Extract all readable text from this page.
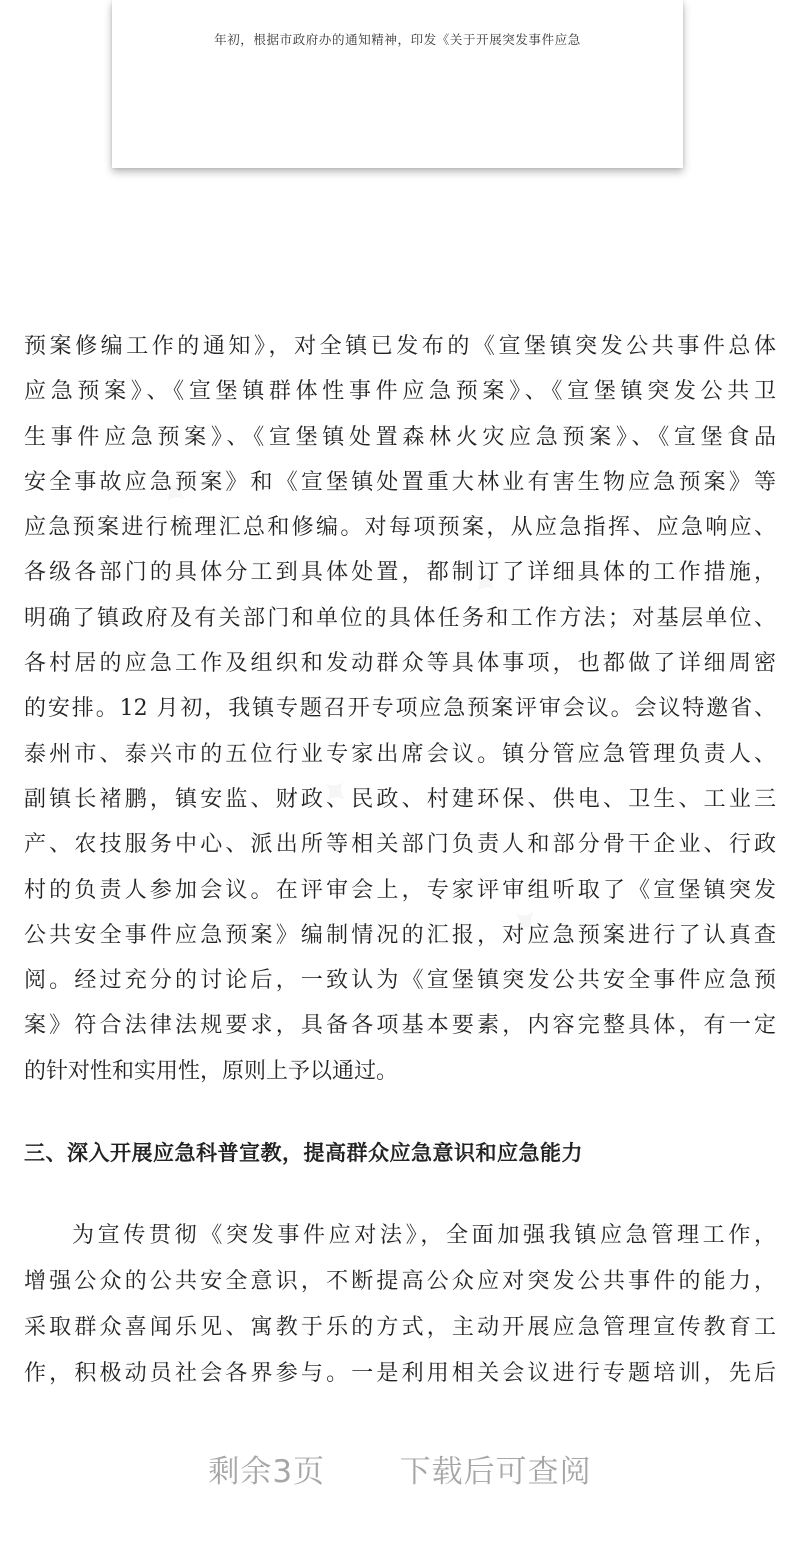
年初，根据市政府办的通知精神，印发《关于开展突发事件应急
预案修编工作的通知》，对全镇已发布的《宣堡镇突发公共事件总体
应急预案》、《宣堡镇群体性事件应急预案》、《宣堡镇突发公共卫
生事件应急预案》、《宣堡镇处置森林火灾应急预案》、《宣堡食品
安全事故应急预案》和《宣堡镇处置重大林业有害生物应急预案》等
应急预案进行梳理汇总和修编。对每项预案，从应急指挥、应急响应、
各级各部门的具体分工到具体处置，都制订了详细具体的工作措施，
明确了镇政府及有关部门和单位的具体任务和工作方法；对基层单位、
各村居的应急工作及组织和发动群众等具体事项，也都做了详细周密
的安排。12 月初，我镇专题召开专项应急预案评审会议。会议特邀省、
泰州市、泰兴市的五位行业专家出席会议。镇分管应急管理负责人、
副镇长褚鹏，镇安监、财政、民政、村建环保、供电、卫生、工业三
产、农技服务中心、派出所等相关部门负责人和部分骨干企业、行政
村的负责人参加会议。在评审会上，专家评审组听取了《宣堡镇突发
公共安全事件应急预案》编制情况的汇报，对应急预案进行了认真查
阅。经过充分的讨论后，一致认为《宣堡镇突发公共安全事件应急预
案》符合法律法规要求，具备各项基本要素，内容完整具体，有一定
的针对性和实用性，原则上予以通过。
三、深入开展应急科普宣教，提高群众应急意识和应急能力
为宣传贯彻《突发事件应对法》，全面加强我镇应急管理工作，
增强公众的公共安全意识，不断提高公众应对突发公共事件的能力，
采取群众喜闻乐见、寓教于乐的方式，主动开展应急管理宣传教育工
作，积极动员社会各界参与。一是利用相关会议进行专题培训，先后
剩余3页 下载后可查阅
